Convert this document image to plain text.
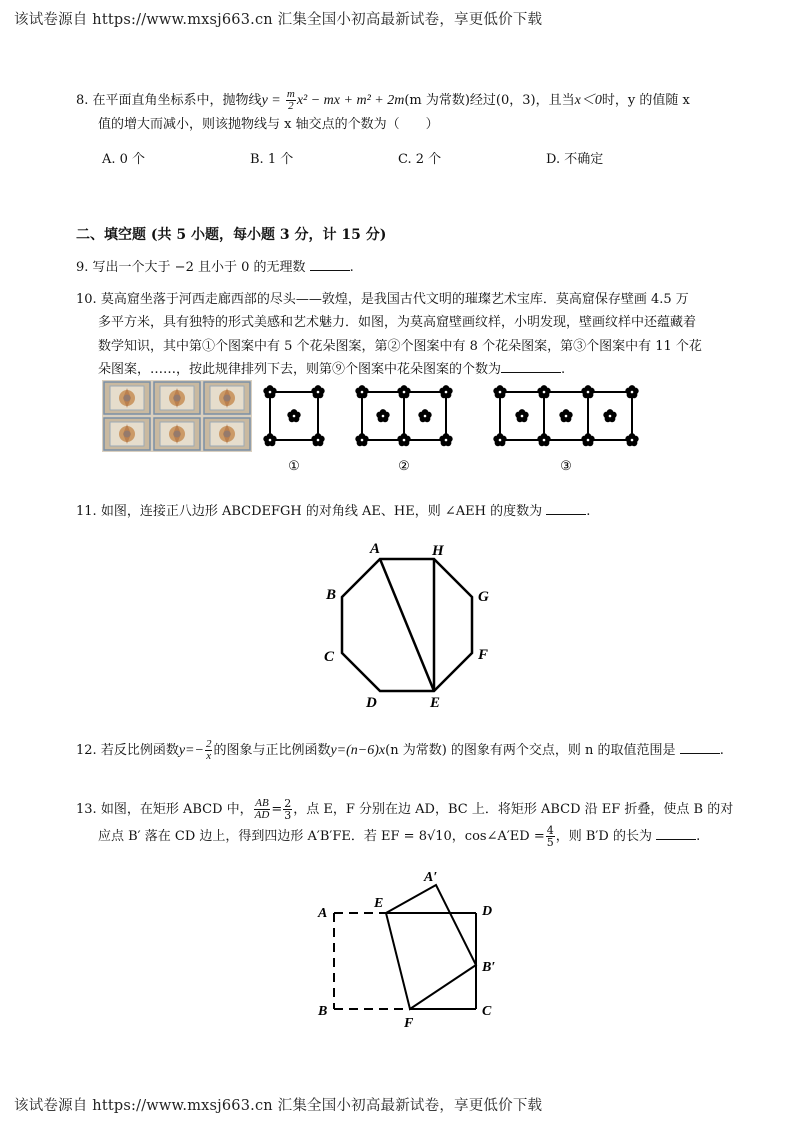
该试卷源自 https://www.mxsj663.cn 汇集全国小初高最新试卷，享更低价下载
8. 在平面直角坐标系中，抛物线$y = \frac{m}{2} x^2$ − mx + m² + 2m(m 为常数)经过(0，3)，且当x＜0时，y 的值随 x
值的增大而减小，则该抛物线与 x 轴交点的个数为（　　）
A. 0 个	B. 1 个	C. 2 个	D. 不确定
二、填空题 (共 5 小题，每小题 3 分，计 15 分)
9. 写出一个大于 −2 且小于 0 的无理数	.
10. 莫高窟坐落于河西走廊西部的尽头——敦煌，是我国古代文明的璀璨艺术宝库．莫高窟保存壁画 4.5 万
多平方米，具有独特的形式美感和艺术魅力．如图，为莫高窟壁画纹样，小明发现，壁画纹样中还蕴藏着
数学知识，其中第①个图案中有 5 个花朵图案，第②个图案中有 8 个花朵图案，第③个图案中有 11 个花
朵图案，……，按此规律排列下去，则第⑨个图案中花朵图案的个数为	.
①	②	③
11. 如图，连接正八边形 ABCDEFGH 的对角线 AE、HE，则 ∠AEH 的度数为	.
A	H
B	G
C	F
D	E
12. 若反比例函数$y=- \frac{2}{x}$ 的图象与正比例函数y=(n−6)x(n 为常数) 的图象有两个交点，则 n 的取值范围是	.
13. 如图，在矩形 ABCD 中， $\frac{AB}{AD} = \frac{2}{3}$ ，点 E，F 分别在边 AD，BC 上．将矩形 ABCD 沿 EF 折叠，使点 B 的对
应点 B′ 落在 CD 边上，得到四边形 A′B′FE．若 EF = 8√10，cos∠A′ED = $\frac{4}{5}$ ，则 B′D 的长为	.
A
E
A′
D
B′
B
F
C
该试卷源自 https://www.mxsj663.cn 汇集全国小初高最新试卷，享更低价下载
